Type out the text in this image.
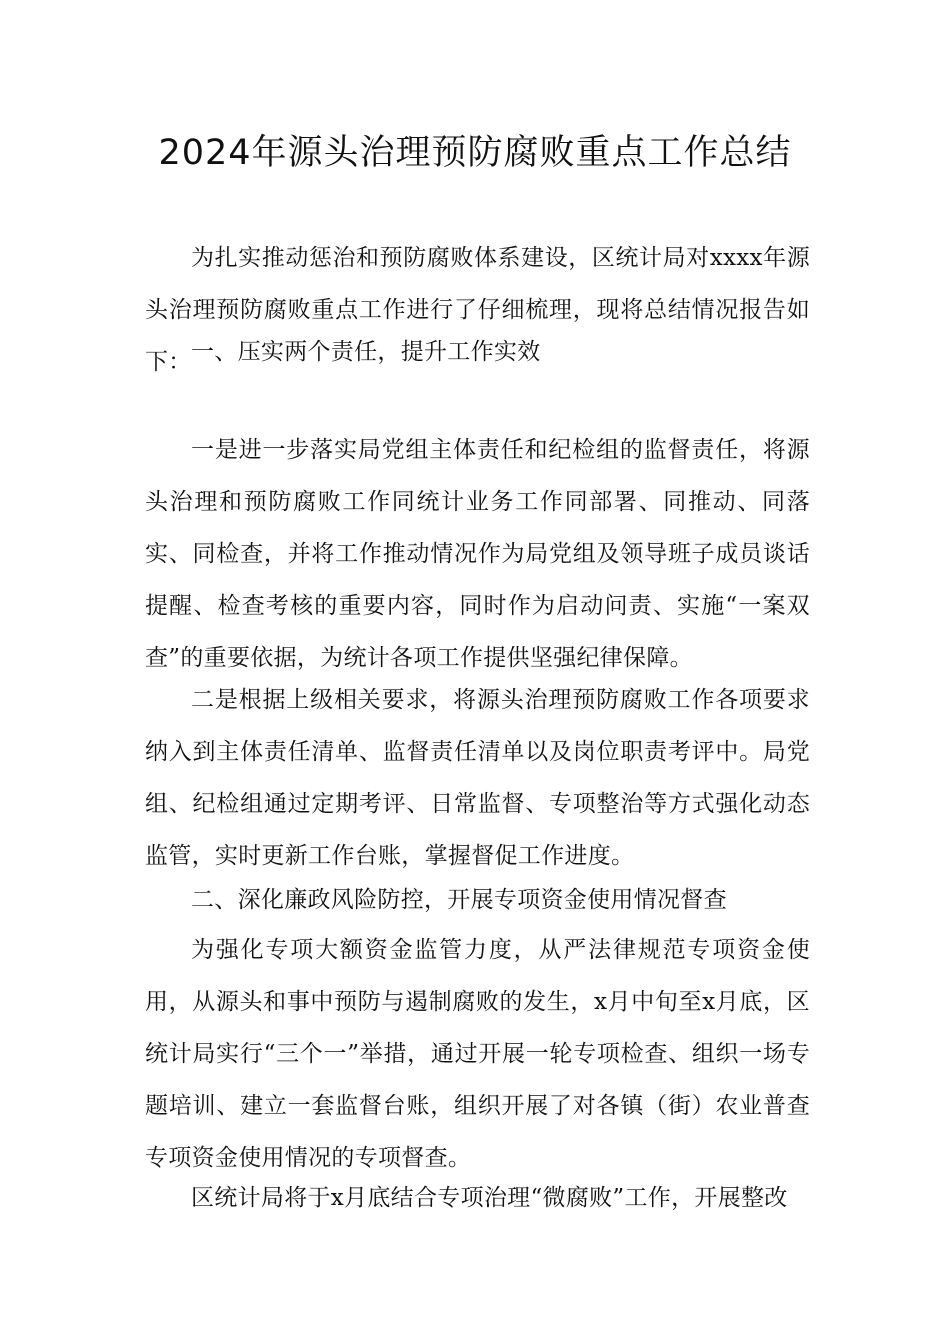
2024年源头治理预防腐败重点工作总结

为扎实推动惩治和预防腐败体系建设，区统计局对xxxx年源头治理预防腐败重点工作进行了仔细梳理，现将总结情况报告如下： 一、压实两个责任，提升工作实效

一是进一步落实局党组主体责任和纪检组的监督责任，将源头治理和预防腐败工作同统计业务工作同部署、同推动、同落实、同检查，并将工作推动情况作为局党组及领导班子成员谈话提醒、检查考核的重要内容，同时作为启动问责、实施“一案双查”的重要依据，为统计各项工作提供坚强纪律保障。

二是根据上级相关要求，将源头治理预防腐败工作各项要求纳入到主体责任清单、监督责任清单以及岗位职责考评中。局党组、纪检组通过定期考评、日常监督、专项整治等方式强化动态监管，实时更新工作台账，掌握督促工作进度。

二、深化廉政风险防控，开展专项资金使用情况督查

为强化专项大额资金监管力度，从严法律规范专项资金使用，从源头和事中预防与遏制腐败的发生，x月中旬至x月底，区统计局实行“三个一”举措，通过开展一轮专项检查、组织一场专题培训、建立一套监督台账，组织开展了对各镇（街）农业普查专项资金使用情况的专项督查。

区统计局将于x月底结合专项治理“微腐败”工作，开展整改
